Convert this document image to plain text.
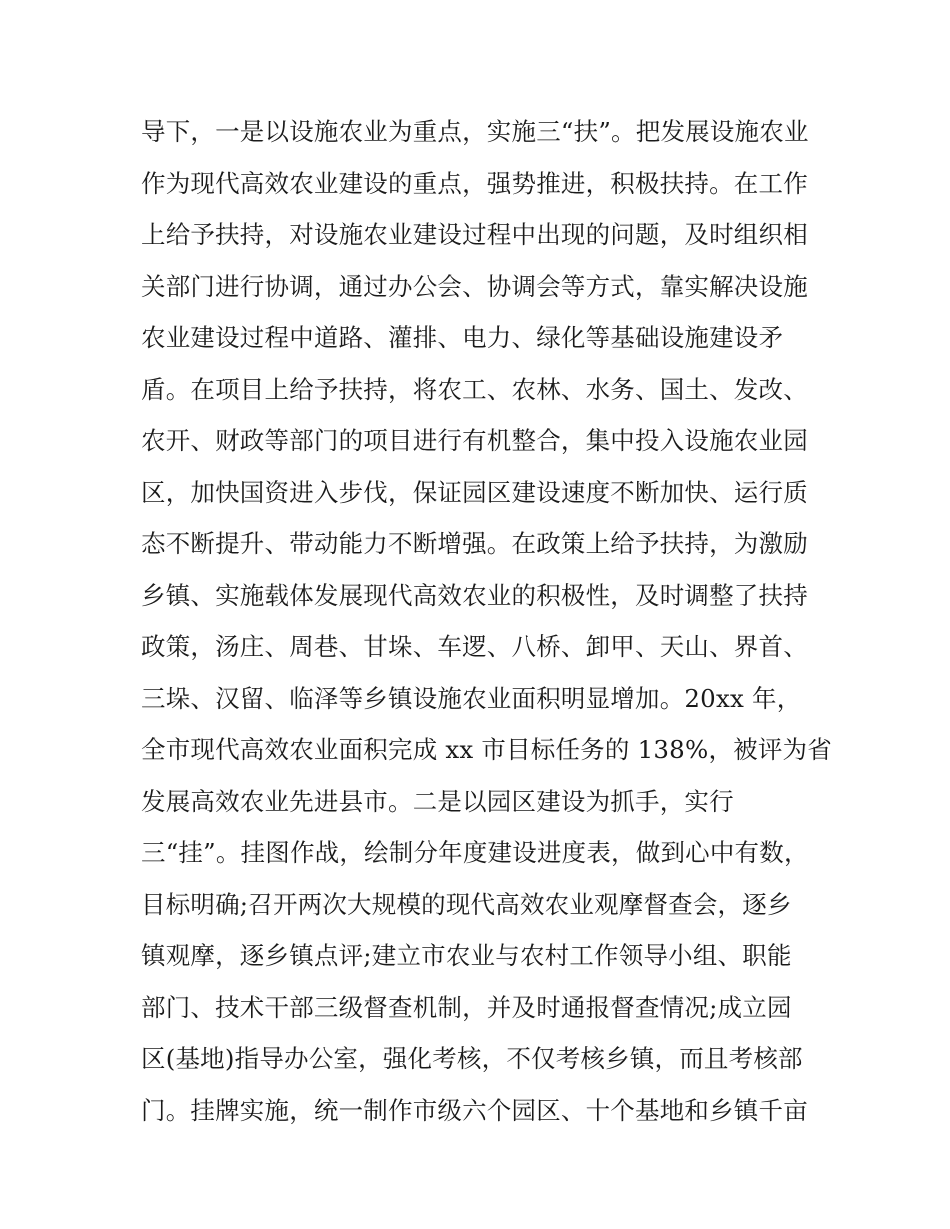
导下，一是以设施农业为重点，实施三“扶”。把发展设施农业
作为现代高效农业建设的重点，强势推进，积极扶持。在工作
上给予扶持，对设施农业建设过程中出现的问题，及时组织相
关部门进行协调，通过办公会、协调会等方式，靠实解决设施
农业建设过程中道路、灌排、电力、绿化等基础设施建设矛
盾。在项目上给予扶持，将农工、农林、水务、国土、发改、
农开、财政等部门的项目进行有机整合，集中投入设施农业园
区，加快国资进入步伐，保证园区建设速度不断加快、运行质
态不断提升、带动能力不断增强。在政策上给予扶持，为激励
乡镇、实施载体发展现代高效农业的积极性，及时调整了扶持
政策，汤庄、周巷、甘垛、车逻、八桥、卸甲、天山、界首、
三垛、汉留、临泽等乡镇设施农业面积明显增加。20xx 年，
全市现代高效农业面积完成 xx 市目标任务的 138%，被评为省
发展高效农业先进县市。二是以园区建设为抓手，实行
三“挂”。挂图作战，绘制分年度建设进度表，做到心中有数，
目标明确;召开两次大规模的现代高效农业观摩督查会，逐乡
镇观摩，逐乡镇点评;建立市农业与农村工作领导小组、职能
部门、技术干部三级督查机制，并及时通报督查情况;成立园
区(基地)指导办公室，强化考核，不仅考核乡镇，而且考核部
门。挂牌实施，统一制作市级六个园区、十个基地和乡镇千亩
